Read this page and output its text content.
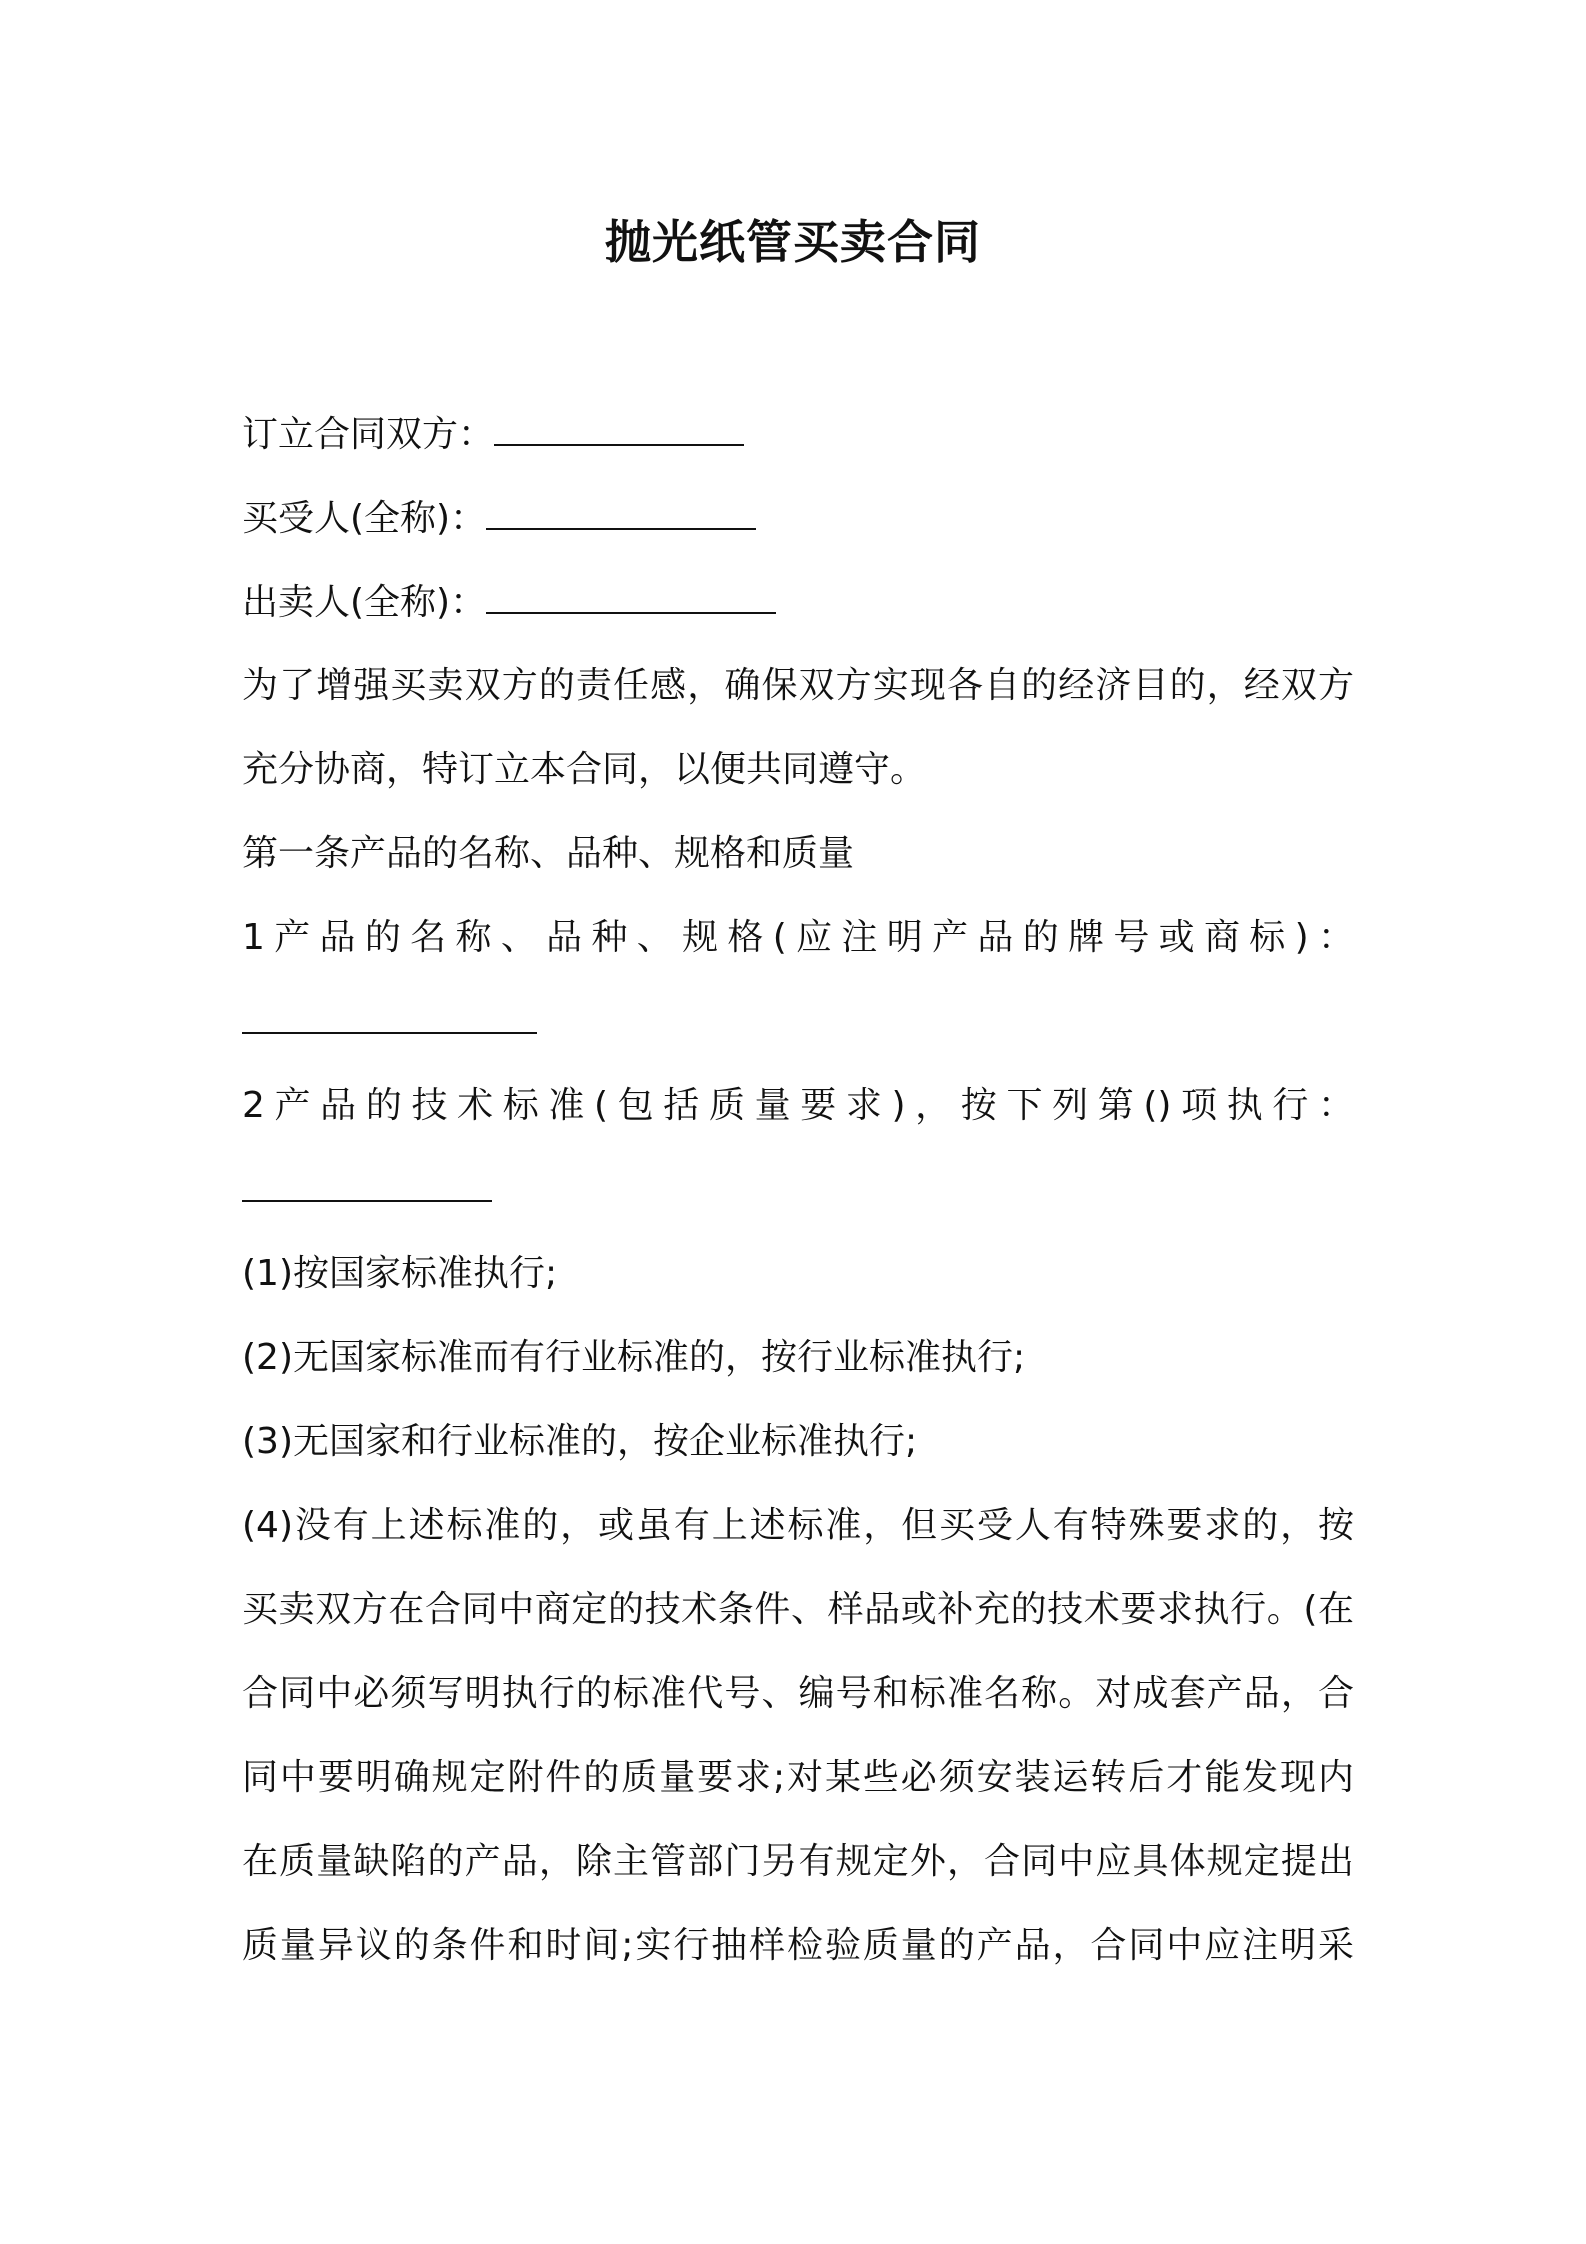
抛光纸管买卖合同
订立合同双方：
买受人(全称)：
出卖人(全称)：
为了增强买卖双方的责任感，确保双方实现各自的经济目的，经双方
充分协商，特订立本合同，以便共同遵守。
第一条产品的名称、品种、规格和质量
1产品的名称、品种、规格(应注明产品的牌号或商标)：
2产品的技术标准(包括质量要求)，按下列第()项执行：
(1)按国家标准执行;
(2)无国家标准而有行业标准的，按行业标准执行;
(3)无国家和行业标准的，按企业标准执行;
(4)没有上述标准的，或虽有上述标准，但买受人有特殊要求的，按
买卖双方在合同中商定的技术条件、样品或补充的技术要求执行。(在
合同中必须写明执行的标准代号、编号和标准名称。对成套产品，合
同中要明确规定附件的质量要求;对某些必须安装运转后才能发现内
在质量缺陷的产品，除主管部门另有规定外，合同中应具体规定提出
质量异议的条件和时间;实行抽样检验质量的产品，合同中应注明采
